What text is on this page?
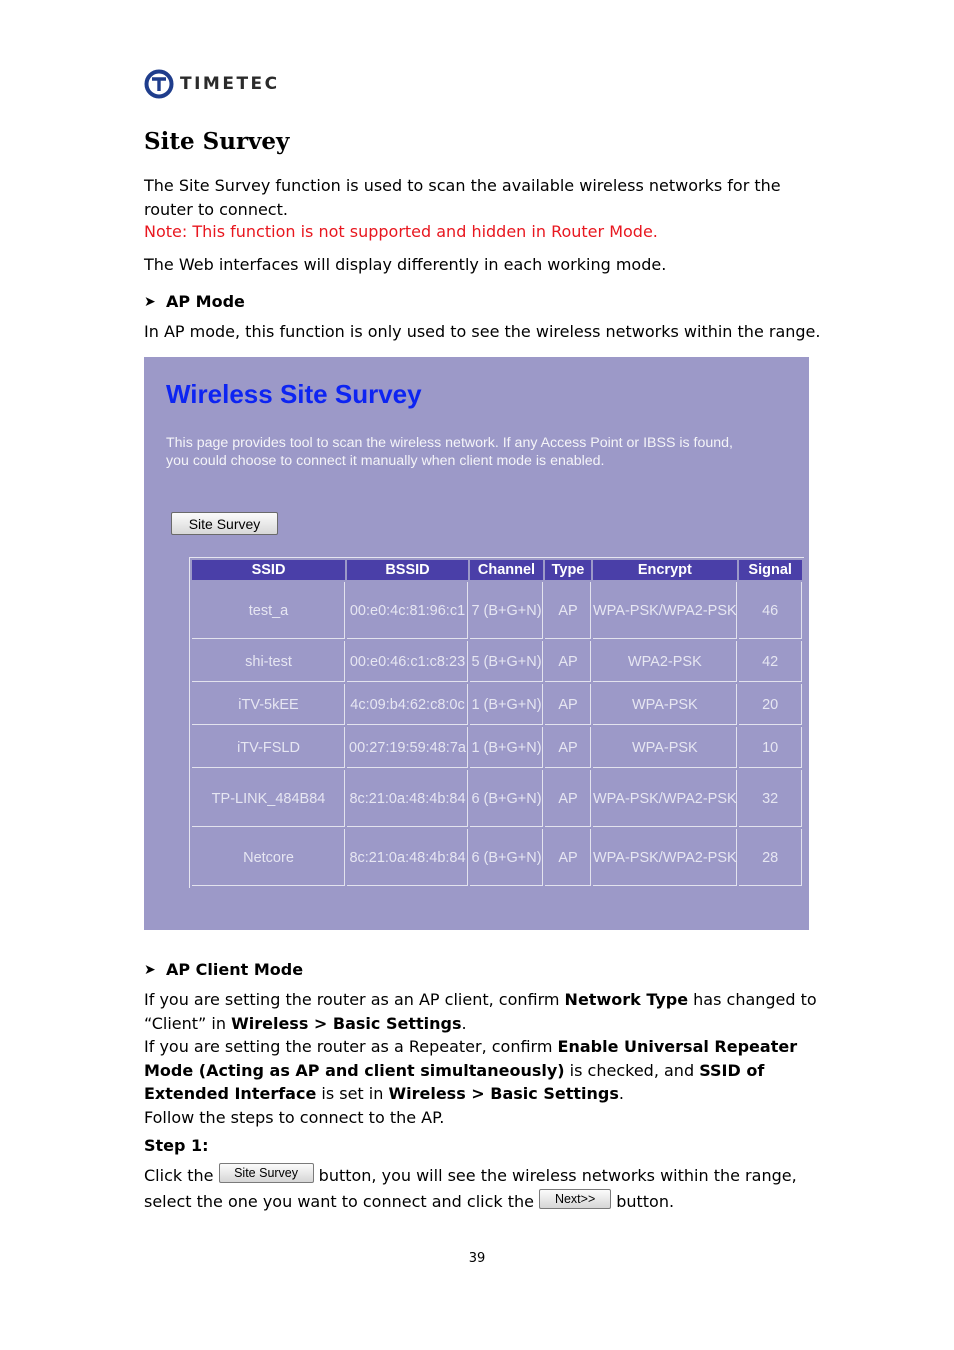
TIMETEC
Site Survey
The Site Survey function is used to scan the available wireless networks for the router to connect.
Note: This function is not supported and hidden in Router Mode.
The Web interfaces will display differently in each working mode.
➤ AP Mode
In AP mode, this function is only used to see the wireless networks within the range.
Wireless Site Survey
This page provides tool to scan the wireless network. If any Access Point or IBSS is found, you could choose to connect it manually when client mode is enabled.
Site Survey
SSID	BSSID	Channel	Type	Encrypt	Signal
test_a	00:e0:4c:81:96:c1	7 (B+G+N)	AP	WPA-PSK/WPA2-PSK	46
shi-test	00:e0:46:c1:c8:23	5 (B+G+N)	AP	WPA2-PSK	42
iTV-5kEE	4c:09:b4:62:c8:0c	1 (B+G+N)	AP	WPA-PSK	20
iTV-FSLD	00:27:19:59:48:7a	1 (B+G+N)	AP	WPA-PSK	10
TP-LINK_484B84	8c:21:0a:48:4b:84	6 (B+G+N)	AP	WPA-PSK/WPA2-PSK	32
Netcore	8c:21:0a:48:4b:84	6 (B+G+N)	AP	WPA-PSK/WPA2-PSK	28
➤ AP Client Mode
If you are setting the router as an AP client, confirm Network Type has changed to “Client” in Wireless > Basic Settings.
If you are setting the router as a Repeater, confirm Enable Universal Repeater Mode (Acting as AP and client simultaneously) is checked, and SSID of Extended Interface is set in Wireless > Basic Settings.
Follow the steps to connect to the AP.
Step 1:
Click the Site Survey button, you will see the wireless networks within the range, select the one you want to connect and click the Next>> button.
39
